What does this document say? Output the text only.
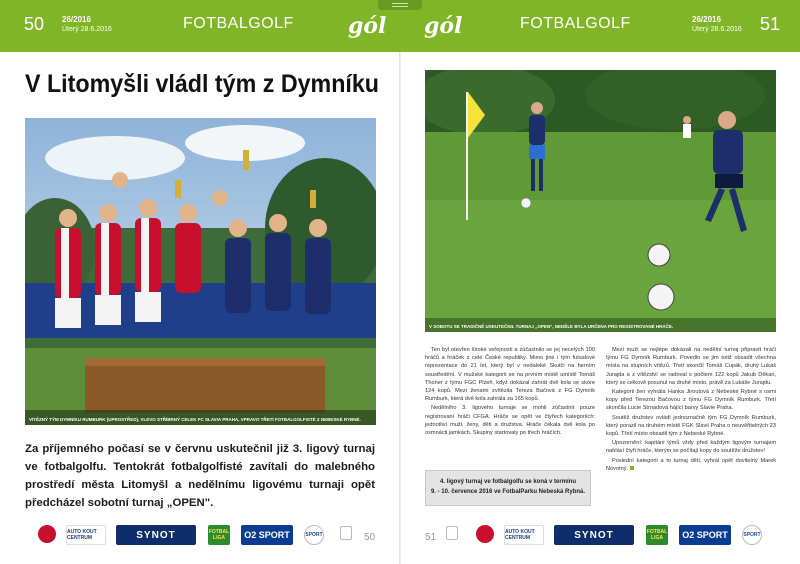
50 26/2016
Úterý 28.6.2016	FOTBALGOLF gól gól	FOTBALGOLF	26/2016
Úterý 28.6.2016 51
V Litomyšli vládl tým z Dymníku
VÍTĚZNÝ TÝM DYMNÍKU RUMBURK (UPROSTŘED), VLEVO STŘÍBRNÝ CELEK FC SLAVIA PRAHA, VPRAVO TŘETÍ FOTBALGOLFISTÉ Z NEBESKÉ RYBNÉ.

Za příjemného počasí se v červnu uskutečnil již 3. ligový turnaj ve fotbalgolfu. Tentokrát fotbalgolfisté zavítali do malebného prostředí města Litomyšl a nedělnímu ligovému turnaji opět předcházel sobotní turnaj „OPEN".

V SOBOTU SE TRADIČNĚ USKUTEČNIL TURNAJ „OPEN", NEDĚLE BYLA URČENA PRO REGISTROVANÉ HRÁČE.

Ten byl otevřen široké veřejnosti a zúčastnilo se jej necelých 100 hráčů a hráček z celé České republiky. Mimo jiné i tým futsalové reprezentace do 21 let, který byl v nedaleké Skutči na herním soustředění. V mužské kategorii se na prvním místě umístil Tomáš Thoner z týmu FGC Plzeň, když dokázal zahrát dvě kola se skóre 124 kopů. Mezi ženami zvítězila Tereza Bačová z FG Dymník Rumburk, která dvě kola zahrála za 165 kopů.

Nedělního 3. ligového turnaje se mohli zúčastnit pouze registrovaní hráči CFGA. Hráče se opět ve čtyřech kategoriích: jednotliví muži, ženy, děti a družstva. Hráče čekala dvě kola po osmnácti jamkách. Skupiny startovaly po třech hráčích.

4. ligový turnaj ve fotbalgolfu se koná v termínu
9. - 10. července 2016 ve FotbalParku Nebeská Rybná.

Mezi muži se nejlépe dokázali na nedělní turnaj připravit hráči týmu FG Dymník Rumburk. Povedlo se jim totiž obsadit všechna místa na stupních vítězů. Třetí skončil Tomáš Cupák, druhý Lukáš Jurajda a z vítězství se radoval s počtem 122 kopů Jakub Děkan, který se celkově posunul na druhé místo, právě za Lukáše Jurajdu.

Kategorii žen vyhrála Hanka Jiroutová z Nebeské Rybné s osmi kopy před Terezou Bačovou z týmu FG Dymník Rumburk. Třetí skončila Lucie Strnadová hájící barvy Slavie Praha.

Soutěž družstev ovládl jednoznačně tým FG Dymník Rumburk, který porazil na druhém místě FGK Slavii Praha o neuvěřitelných 23 kopů. Třetí místo obsadil tým z Nebeské Rybné.

Upozornění: kapitáni týmů vždy před každým ligovým turnajem nahlásí čtyři hráče, kterým se počítají kopy do soutěže družstev!

Poslední kategorii a to turnaj dětí, vyhrál opět dovitelný Marek Novotný.

AUTO KOUT CENTRUM	SYNOT	FOTBAL LIGA	O2 SPORT	SPORT	50	51	AUTO KOUT CENTRUM	SYNOT	FOTBAL LIGA	O2 SPORT	SPORT
